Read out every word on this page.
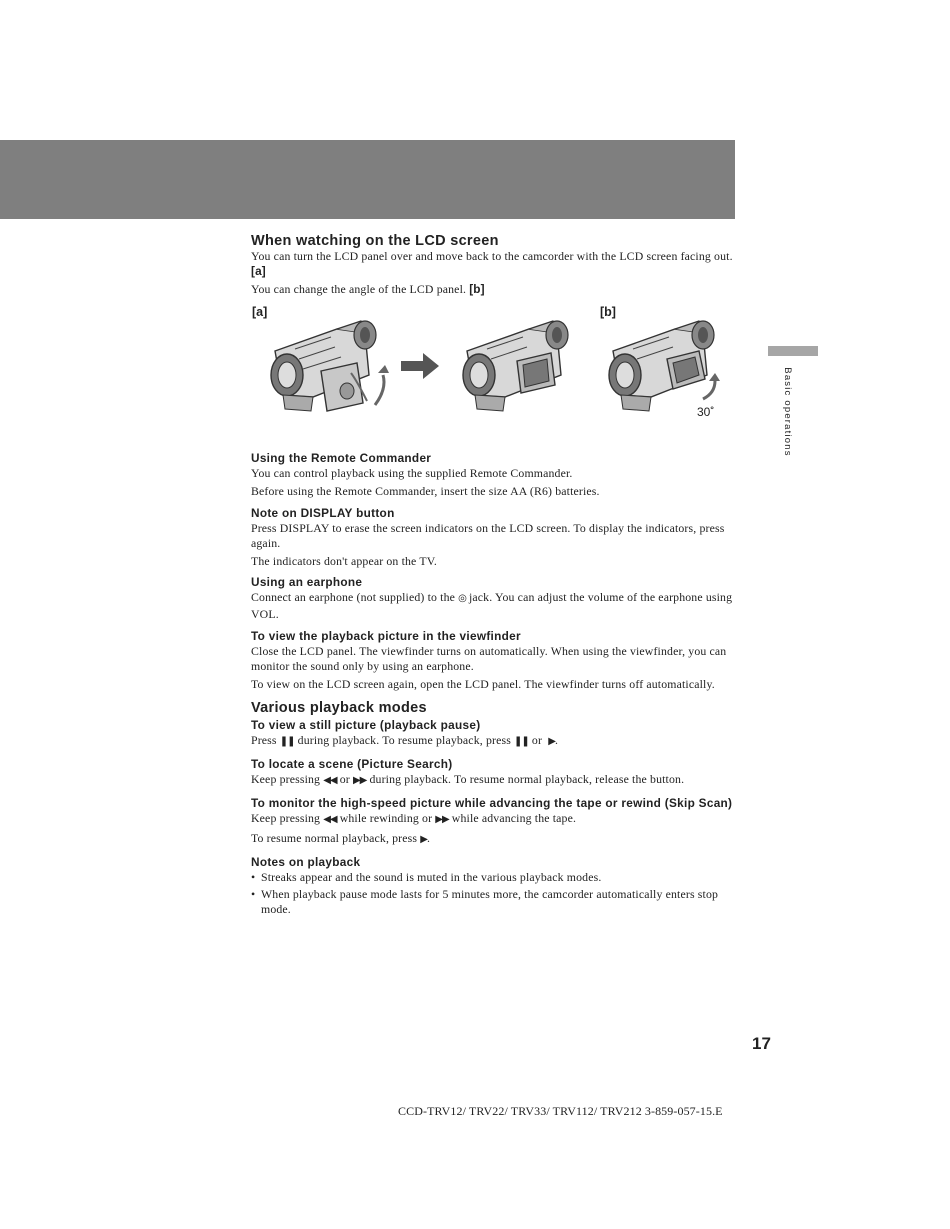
Basic operations
When watching on the LCD screen

You can turn the LCD panel over and move back to the camcorder with the LCD screen facing out. [a]

You can change the angle of the LCD panel. [b]

[a]	[b]
30˚
Using the Remote Commander

You can control playback using the supplied Remote Commander.

Before using the Remote Commander, insert the size AA (R6) batteries.

Note on DISPLAY button

Press DISPLAY to erase the screen indicators on the LCD screen. To display the indicators, press again.

The indicators don't appear on the TV.

Using an earphone

Connect an earphone (not supplied) to the ◎ jack. You can adjust the volume of the earphone using VOL.

To view the playback picture in the viewfinder

Close the LCD panel. The viewfinder turns on automatically. When using the viewfinder, you can monitor the sound only by using an earphone.

To view on the LCD screen again, open the LCD panel. The viewfinder turns off automatically.

Various playback modes
To view a still picture (playback pause)

Press ❚❚ during playback. To resume playback, press ❚❚ or ▶.

To locate a scene (Picture Search)

Keep pressing ◀◀ or ▶▶ during playback. To resume normal playback, release the button.

To monitor the high-speed picture while advancing the tape or rewind (Skip Scan)

Keep pressing ◀◀ while rewinding or ▶▶ while advancing the tape.

To resume normal playback, press ▶.

Notes on playback
• Streaks appear and the sound is muted in the various playback modes.
• When playback pause mode lasts for 5 minutes more, the camcorder automatically enters stop mode.
17
CCD-TRV12/ TRV22/ TRV33/ TRV112/ TRV212 3-859-057-15.E
